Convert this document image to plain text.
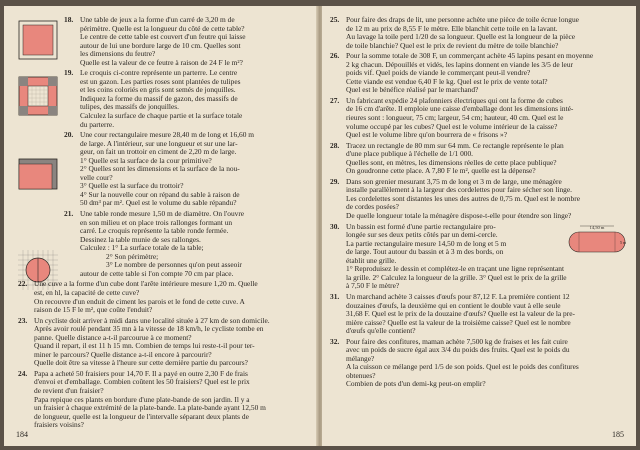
18. Une table de jeux a la forme d'un carré de 3,20 m de
périmètre. Quelle est la longueur du côté de cette table?
Le centre de cette table est couvert d'un feutre qui laisse
autour de lui une bordure large de 10 cm. Quelles sont
les dimensions du feutre?
Quelle est la valeur de ce feutre à raison de 24 F le m²?
19. Le croquis ci-contre représente un parterre. Le centre
est un gazon. Les parties roses sont plantées de tulipes
et les coins coloriés en gris sont semés de jonquilles.
Indiquez la forme du massif de gazon, des massifs de
tulipes, des massifs de jonquilles.
Calculez la surface de chaque partie et la surface totale
du parterre.
20. Une cour rectangulaire mesure 28,40 m de long et 16,60 m
de large. A l'intérieur, sur une longueur et sur une lar-
geur, on fait un trottoir en ciment de 2,20 m de large.
1° Quelle est la surface de la cour primitive?
2° Quelles sont les dimensions et la surface de la nou-
velle cour?
3° Quelle est la surface du trottoir?
4° Sur la nouvelle cour on répand du sable à raison de
50 dm³ par m². Quel est le volume du sable répandu?
21. Une table ronde mesure 1,50 m de diamètre. On l'ouvre
en son milieu et on place trois rallonges formant un
carré. Le croquis représente la table ronde fermée.
Dessinez la table munie de ses rallonges.
Calculez : 1° La surface totale de la table;
2° Son périmètre;
3° Le nombre de personnes qu'on peut asseoir
autour de cette table si l'on compte 70 cm par place.
22. Une cuve a la forme d'un cube dont l'arête intérieure mesure 1,20 m. Quelle
est, en hl, la capacité de cette cuve?
On recouvre d'un enduit de ciment les parois et le fond de cette cuve. A
raison de 15 F le m², que coûte l'enduit?
23. Un cycliste doit arriver à midi dans une localité située à 27 km de son domicile.
Après avoir roulé pendant 35 mn à la vitesse de 18 km/h, le cycliste tombe en
panne. Quelle distance a-t-il parcourue à ce moment?
Quand il repart, il est 11 h 15 mn. Combien de temps lui reste-t-il pour ter-
miner le parcours? Quelle distance a-t-il encore à parcourir?
Quelle doit être sa vitesse à l'heure sur cette dernière partie du parcours?
24. Papa a acheté 50 fraisiers pour 14,70 F. Il a payé en outre 2,30 F de frais
d'envoi et d'emballage. Combien coûtent les 50 fraisiers? Quel est le prix
de revient d'un fraisier?
Papa repique ces plants en bordure d'une plate-bande de son jardin. Il y a
un fraisier à chaque extrémité de la plate-bande. La plate-bande ayant 12,50 m
de longueur, quelle est la longueur de l'intervalle séparant deux plants de
fraisiers voisins?
184
25. Pour faire des draps de lit, une personne achète une pièce de toile écrue longue
de 12 m au prix de 8,55 F le mètre. Elle blanchit cette toile en la lavant.
Au lavage la toile perd 1/20 de sa longueur. Quelle est la longueur de la pièce
de toile blanchie? Quel est le prix de revient du mètre de toile blanchie?
26. Pour la somme totale de 308 F, un commerçant achète 45 lapins pesant en moyenne
2 kg chacun. Dépouillés et vidés, les lapins donnent en viande les 3/5 de leur
poids vif. Quel poids de viande le commerçant peut-il vendre?
Cette viande est vendue 6,40 F le kg. Quel est le prix de vente total?
Quel est le bénéfice réalisé par le marchand?
27. Un fabricant expédie 24 plafonniers électriques qui ont la forme de cubes
de 16 cm d'arête. Il emploie une caisse d'emballage dont les dimensions inté-
rieures sont : longueur, 75 cm; largeur, 54 cm; hauteur, 40 cm. Quel est le
volume occupé par les cubes? Quel est le volume intérieur de la caisse?
Quel est le volume libre qu'on bourrera de « frisons »?
28. Tracez un rectangle de 80 mm sur 64 mm. Ce rectangle représente le plan
d'une place publique à l'échelle de 1/1 000.
Quelles sont, en mètres, les dimensions réelles de cette place publique?
On goudronne cette place. A 7,80 F le m², quelle est la dépense?
29. Dans son grenier mesurant 3,75 m de long et 3 m de large, une ménagère
installe parallèlement à la largeur des cordelettes pour faire sécher son linge.
Les cordelettes sont distantes les unes des autres de 0,75 m. Quel est le nombre
de cordes posées?
De quelle longueur totale la ménagère dispose-t-elle pour étendre son linge?
14,50 m
5 m
30. Un bassin est formé d'une partie rectangulaire pro-
longée sur ses deux petits côtés par un demi-cercle.
La partie rectangulaire mesure 14,50 m de long et 5 m
de large. Tout autour du bassin et à 3 m des bords, on
établit une grille.
1° Reproduisez le dessin et complétez-le en traçant une ligne représentant
la grille. 2° Calculez la longueur de la grille. 3° Quel est le prix de la grille
à 7,50 F le mètre?
31. Un marchand achète 3 caisses d'œufs pour 87,12 F. La première contient 12
douzaines d'œufs, la deuxième qui en contient le double vaut à elle seule
31,68 F. Quel est le prix de la douzaine d'œufs? Quelle est la valeur de la pre-
mière caisse? Quelle est la valeur de la troisième caisse? Quel est le nombre
d'œufs qu'elle contient?
32. Pour faire des confitures, maman achète 7,500 kg de fraises et les fait cuire
avec un poids de sucre égal aux 3/4 du poids des fruits. Quel est le poids du
mélange?
A la cuisson ce mélange perd 1/5 de son poids. Quel est le poids des confitures
obtenues?
Combien de pots d'un demi-kg peut-on emplir?
185
